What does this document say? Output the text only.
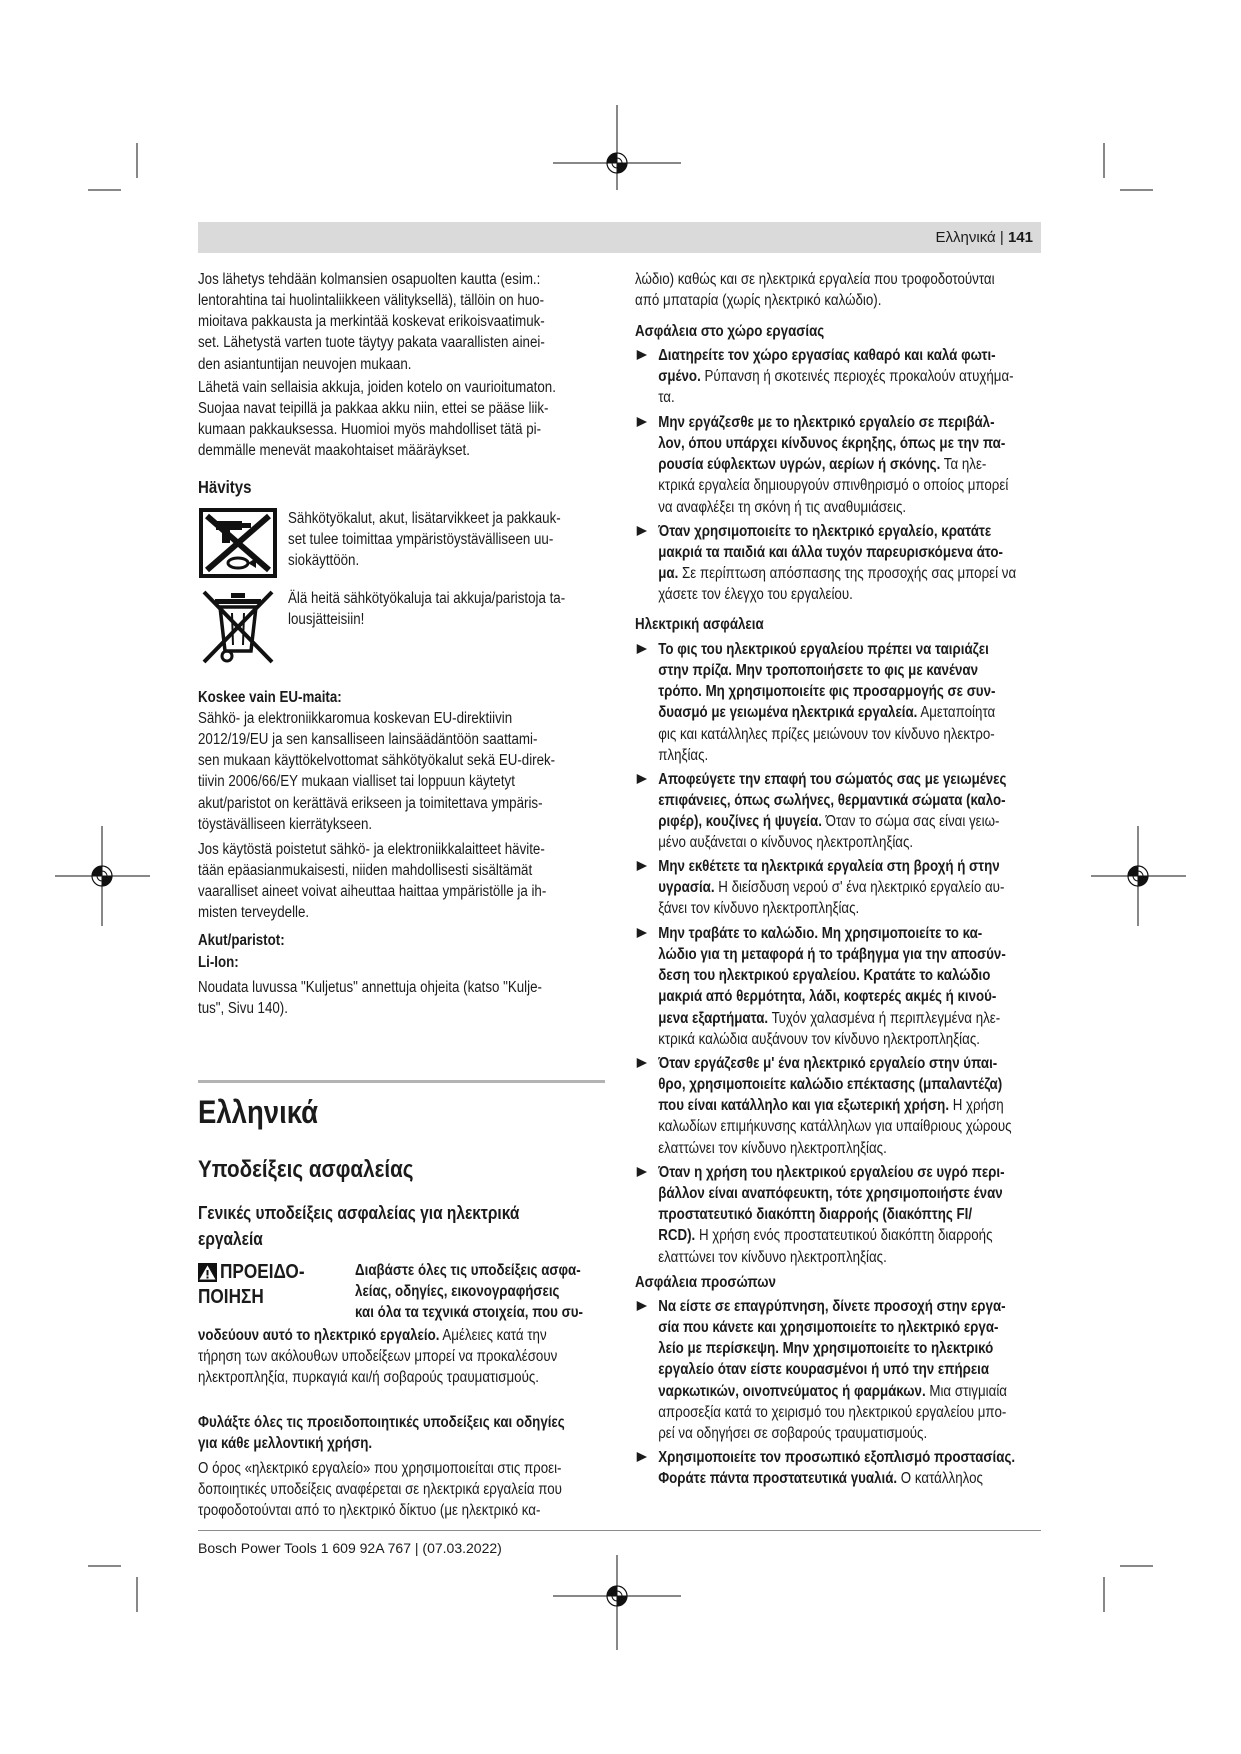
Ελληνικά | 141
Jos lähetys tehdään kolmansien osapuolten kautta (esim.:
lentorahtina tai huolintaliikkeen välityksellä), tällöin on huo-
mioitava pakkausta ja merkintää koskevat erikoisvaatimuk-
set. Lähetystä varten tuote täytyy pakata vaarallisten ainei-
den asiantuntijan neuvojen mukaan.
Lähetä vain sellaisia akkuja, joiden kotelo on vaurioitumaton.
Suojaa navat teipillä ja pakkaa akku niin, ettei se pääse liik-
kumaan pakkauksessa. Huomioi myös mahdolliset tätä pi-
demmälle menevät maakohtaiset määräykset.
Hävitys
Sähkötyökalut, akut, lisätarvikkeet ja pakkauk-
set tulee toimittaa ympäristöystävälliseen uu-
siokäyttöön.
Älä heitä sähkötyökaluja tai akkuja/paristoja ta-
lousjätteisiin!
Koskee vain EU-maita:
Sähkö- ja elektroniikkaromua koskevan EU-direktiivin
2012/19/EU ja sen kansalliseen lainsäädäntöön saattami-
sen mukaan käyttökelvottomat sähkötyökalut sekä EU-direk-
tiivin 2006/66/EY mukaan vialliset tai loppuun käytetyt
akut/paristot on kerättävä erikseen ja toimitettava ympäris-
töystävälliseen kierrätykseen.
Jos käytöstä poistetut sähkö- ja elektroniikkalaitteet hävite-
tään epäasianmukaisesti, niiden mahdollisesti sisältämät
vaaralliset aineet voivat aiheuttaa haittaa ympäristölle ja ih-
misten terveydelle.
Akut/paristot:
Li-Ion:
Noudata luvussa "Kuljetus" annettuja ohjeita (katso "Kulje-
tus", Sivu 140).
Ελληνικά
Υποδείξεις ασφαλείας
Γενικές υποδείξεις ασφαλείας για ηλεκτρικά
εργαλεία
ΠΡΟΕΙΔΟ-
ΠΟΙΗΣΗ
Διαβάστε όλες τις υποδείξεις ασφα-
λείας, οδηγίες, εικονογραφήσεις
και όλα τα τεχνικά στοιχεία, που συ-
νοδεύουν αυτό το ηλεκτρικό εργαλείο. Αμέλειες κατά την
τήρηση των ακόλουθων υποδείξεων μπορεί να προκαλέσουν
ηλεκτροπληξία, πυρκαγιά και/ή σοβαρούς τραυματισμούς.
Φυλάξτε όλες τις προειδοποιητικές υποδείξεις και οδηγίες
για κάθε μελλοντική χρήση.
Ο όρος «ηλεκτρικό εργαλείο» που χρησιμοποιείται στις προει-
δοποιητικές υποδείξεις αναφέρεται σε ηλεκτρικά εργαλεία που
τροφοδοτούνται από το ηλεκτρικό δίκτυο (με ηλεκτρικό κα-
λώδιο) καθώς και σε ηλεκτρικά εργαλεία που τροφοδοτούνται
από μπαταρία (χωρίς ηλεκτρικό καλώδιο).
Ασφάλεια στο χώρο εργασίας
Διατηρείτε τον χώρο εργασίας καθαρό και καλά φωτι-
σμένο. Ρύπανση ή σκοτεινές περιοχές προκαλούν ατυχήμα-
τα.
Μην εργάζεσθε με το ηλεκτρικό εργαλείο σε περιβάλ-
λον, όπου υπάρχει κίνδυνος έκρηξης, όπως με την πα-
ρουσία εύφλεκτων υγρών, αερίων ή σκόνης. Τα ηλε-
κτρικά εργαλεία δημιουργούν σπινθηρισμό ο οποίος μπορεί
να αναφλέξει τη σκόνη ή τις αναθυμιάσεις.
Όταν χρησιμοποιείτε το ηλεκτρικό εργαλείο, κρατάτε
μακριά τα παιδιά και άλλα τυχόν παρευρισκόμενα άτο-
μα. Σε περίπτωση απόσπασης της προσοχής σας μπορεί να
χάσετε τον έλεγχο του εργαλείου.
Ηλεκτρική ασφάλεια
Το φις του ηλεκτρικού εργαλείου πρέπει να ταιριάζει
στην πρίζα. Μην τροποποιήσετε το φις με κανέναν
τρόπο. Μη χρησιμοποιείτε φις προσαρμογής σε συν-
δυασμό με γειωμένα ηλεκτρικά εργαλεία. Αμεταποίητα
φις και κατάλληλες πρίζες μειώνουν τον κίνδυνο ηλεκτρο-
πληξίας.
Αποφεύγετε την επαφή του σώματός σας με γειωμένες
επιφάνειες, όπως σωλήνες, θερμαντικά σώματα (καλο-
ριφέρ), κουζίνες ή ψυγεία. Όταν το σώμα σας είναι γειω-
μένο αυξάνεται ο κίνδυνος ηλεκτροπληξίας.
Μην εκθέτετε τα ηλεκτρικά εργαλεία στη βροχή ή στην
υγρασία. Η διείσδυση νερού σ' ένα ηλεκτρικό εργαλείο αυ-
ξάνει τον κίνδυνο ηλεκτροπληξίας.
Μην τραβάτε το καλώδιο. Μη χρησιμοποιείτε το κα-
λώδιο για τη μεταφορά ή το τράβηγμα για την αποσύν-
δεση του ηλεκτρικού εργαλείου. Κρατάτε το καλώδιο
μακριά από θερμότητα, λάδι, κοφτερές ακμές ή κινού-
μενα εξαρτήματα. Τυχόν χαλασμένα ή περιπλεγμένα ηλε-
κτρικά καλώδια αυξάνουν τον κίνδυνο ηλεκτροπληξίας.
Όταν εργάζεσθε μ' ένα ηλεκτρικό εργαλείο στην ύπαι-
θρο, χρησιμοποιείτε καλώδιο επέκτασης (μπαλαντέζα)
που είναι κατάλληλο και για εξωτερική χρήση. Η χρήση
καλωδίων επιμήκυνσης κατάλληλων για υπαίθριους χώρους
ελαττώνει τον κίνδυνο ηλεκτροπληξίας.
Όταν η χρήση του ηλεκτρικού εργαλείου σε υγρό περι-
βάλλον είναι αναπόφευκτη, τότε χρησιμοποιήστε έναν
προστατευτικό διακόπτη διαρροής (διακόπτης FI/
RCD). Η χρήση ενός προστατευτικού διακόπτη διαρροής
ελαττώνει τον κίνδυνο ηλεκτροπληξίας.
Ασφάλεια προσώπων
Να είστε σε επαγρύπνηση, δίνετε προσοχή στην εργα-
σία που κάνετε και χρησιμοποιείτε το ηλεκτρικό εργα-
λείο με περίσκεψη. Μην χρησιμοποιείτε το ηλεκτρικό
εργαλείο όταν είστε κουρασμένοι ή υπό την επήρεια
ναρκωτικών, οινοπνεύματος ή φαρμάκων. Μια στιγμιαία
απροσεξία κατά το χειρισμό του ηλεκτρικού εργαλείου μπο-
ρεί να οδηγήσει σε σοβαρούς τραυματισμούς.
Χρησιμοποιείτε τον προσωπικό εξοπλισμό προστασίας.
Φοράτε πάντα προστατευτικά γυαλιά. Ο κατάλληλος
Bosch Power Tools 1 609 92A 767 | (07.03.2022)
